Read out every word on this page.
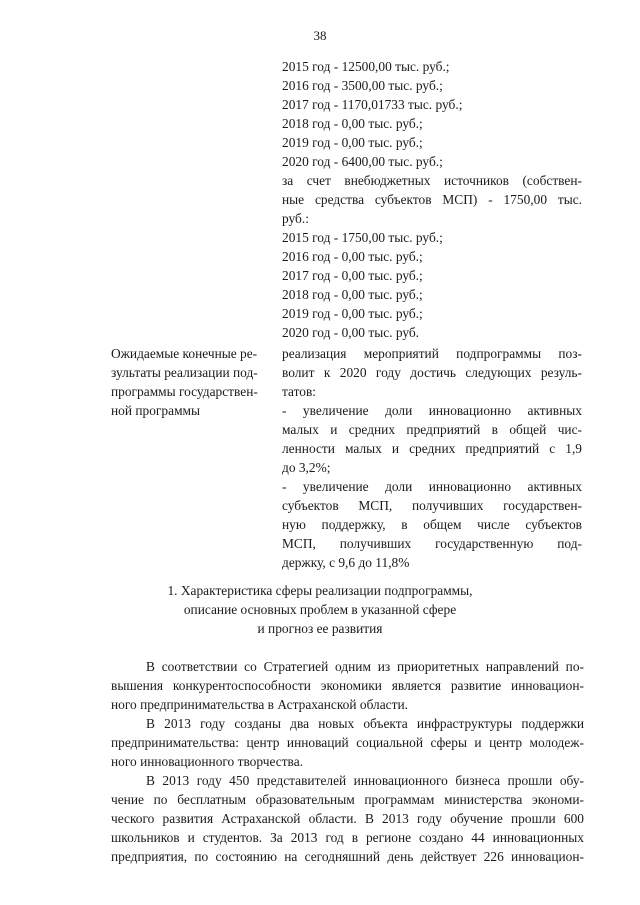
38
2015 год - 12500,00 тыс. руб.;
2016 год - 3500,00 тыс. руб.;
2017 год - 1170,01733 тыс. руб.;
2018 год - 0,00 тыс. руб.;
2019 год - 0,00 тыс. руб.;
2020 год - 6400,00 тыс. руб.;
за счет внебюджетных источников (собствен-
ные средства субъектов МСП) - 1750,00 тыс.
руб.:
2015 год - 1750,00 тыс. руб.;
2016 год - 0,00 тыс. руб.;
2017 год - 0,00 тыс. руб.;
2018 год - 0,00 тыс. руб.;
2019 год - 0,00 тыс. руб.;
2020 год - 0,00 тыс. руб.
Ожидаемые конечные ре-
зультаты реализации под-
программы государствен-
ной программы
реализация мероприятий подпрограммы поз-
волит к 2020 году достичь следующих резуль-
татов:
- увеличение доли инновационно активных
малых и средних предприятий в общей чис-
ленности малых и средних предприятий с 1,9
до 3,2%;
- увеличение доли инновационно активных
субъектов МСП, получивших государствен-
ную поддержку, в общем числе субъектов
МСП, получивших государственную под-
держку, с 9,6 до 11,8%
1. Характеристика сферы реализации подпрограммы,
описание основных проблем в указанной сфере
и прогноз ее развития
В соответствии со Стратегией одним из приоритетных направлений по-
вышения конкурентоспособности экономики является развитие инновацион-
ного предпринимательства в Астраханской области.
В 2013 году созданы два новых объекта инфраструктуры поддержки
предпринимательства: центр инноваций социальной сферы и центр молодеж-
ного инновационного творчества.
В 2013 году 450 представителей инновационного бизнеса прошли обу-
чение по бесплатным образовательным программам министерства экономи-
ческого развития Астраханской области. В 2013 году обучение прошли 600
школьников и студентов. За 2013 год в регионе создано 44 инновационных
предприятия, по состоянию на сегодняшний день действует 226 инновацион-
